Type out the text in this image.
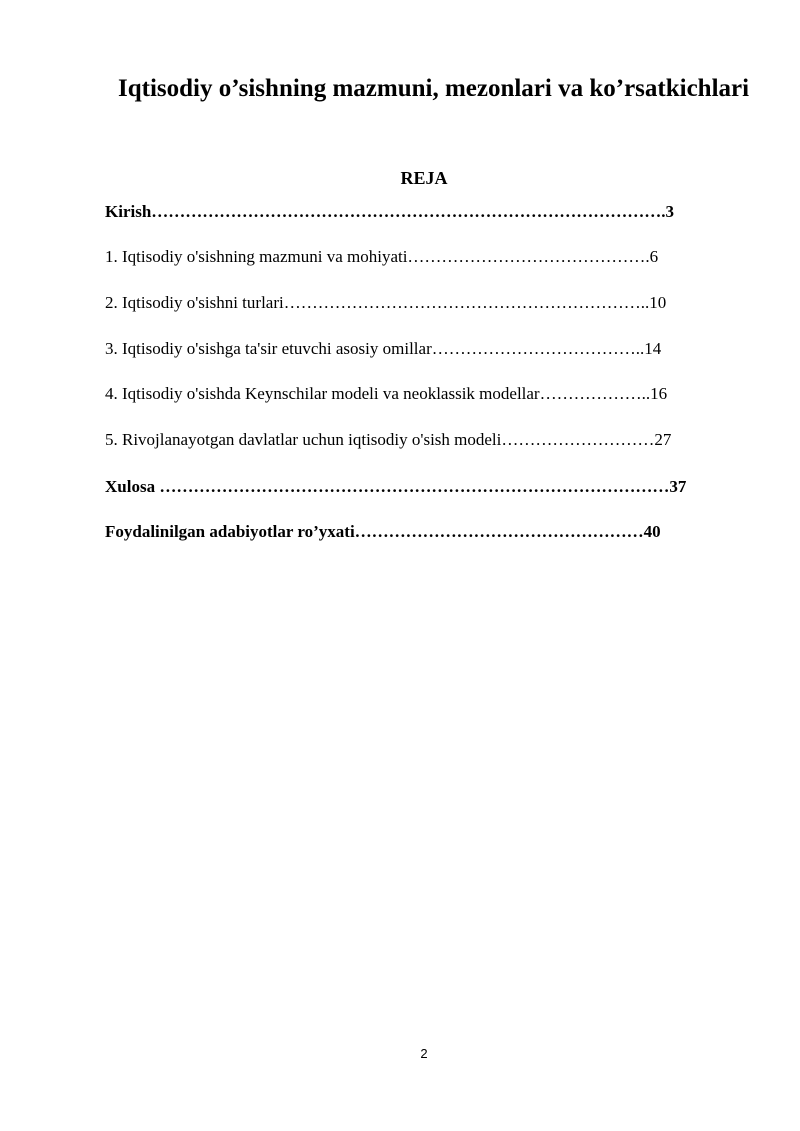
Iqtisodiy o’sishning mazmuni, mezonlari va ko’rsatkichlari
REJA
Kirish……………………………………………………………………………….3
1. Iqtisodiy o'sishning mazmuni va mohiyati…………………………………….6
2. Iqtisodiy o'sishni turlari………………………………………………………..10
3. Iqtisodiy o'sishga ta'sir etuvchi asosiy omillar………………………………..14
4. Iqtisodiy o'sishda Keynschilar modeli va neoklassik modellar………………..16
5. Rivojlanayotgan davlatlar uchun iqtisodiy o'sish modeli………………………27
Xulosa ………………………………………………………………………………37
Foydalinilgan adabiyotlar ro’yxati……………………………………………40
2
